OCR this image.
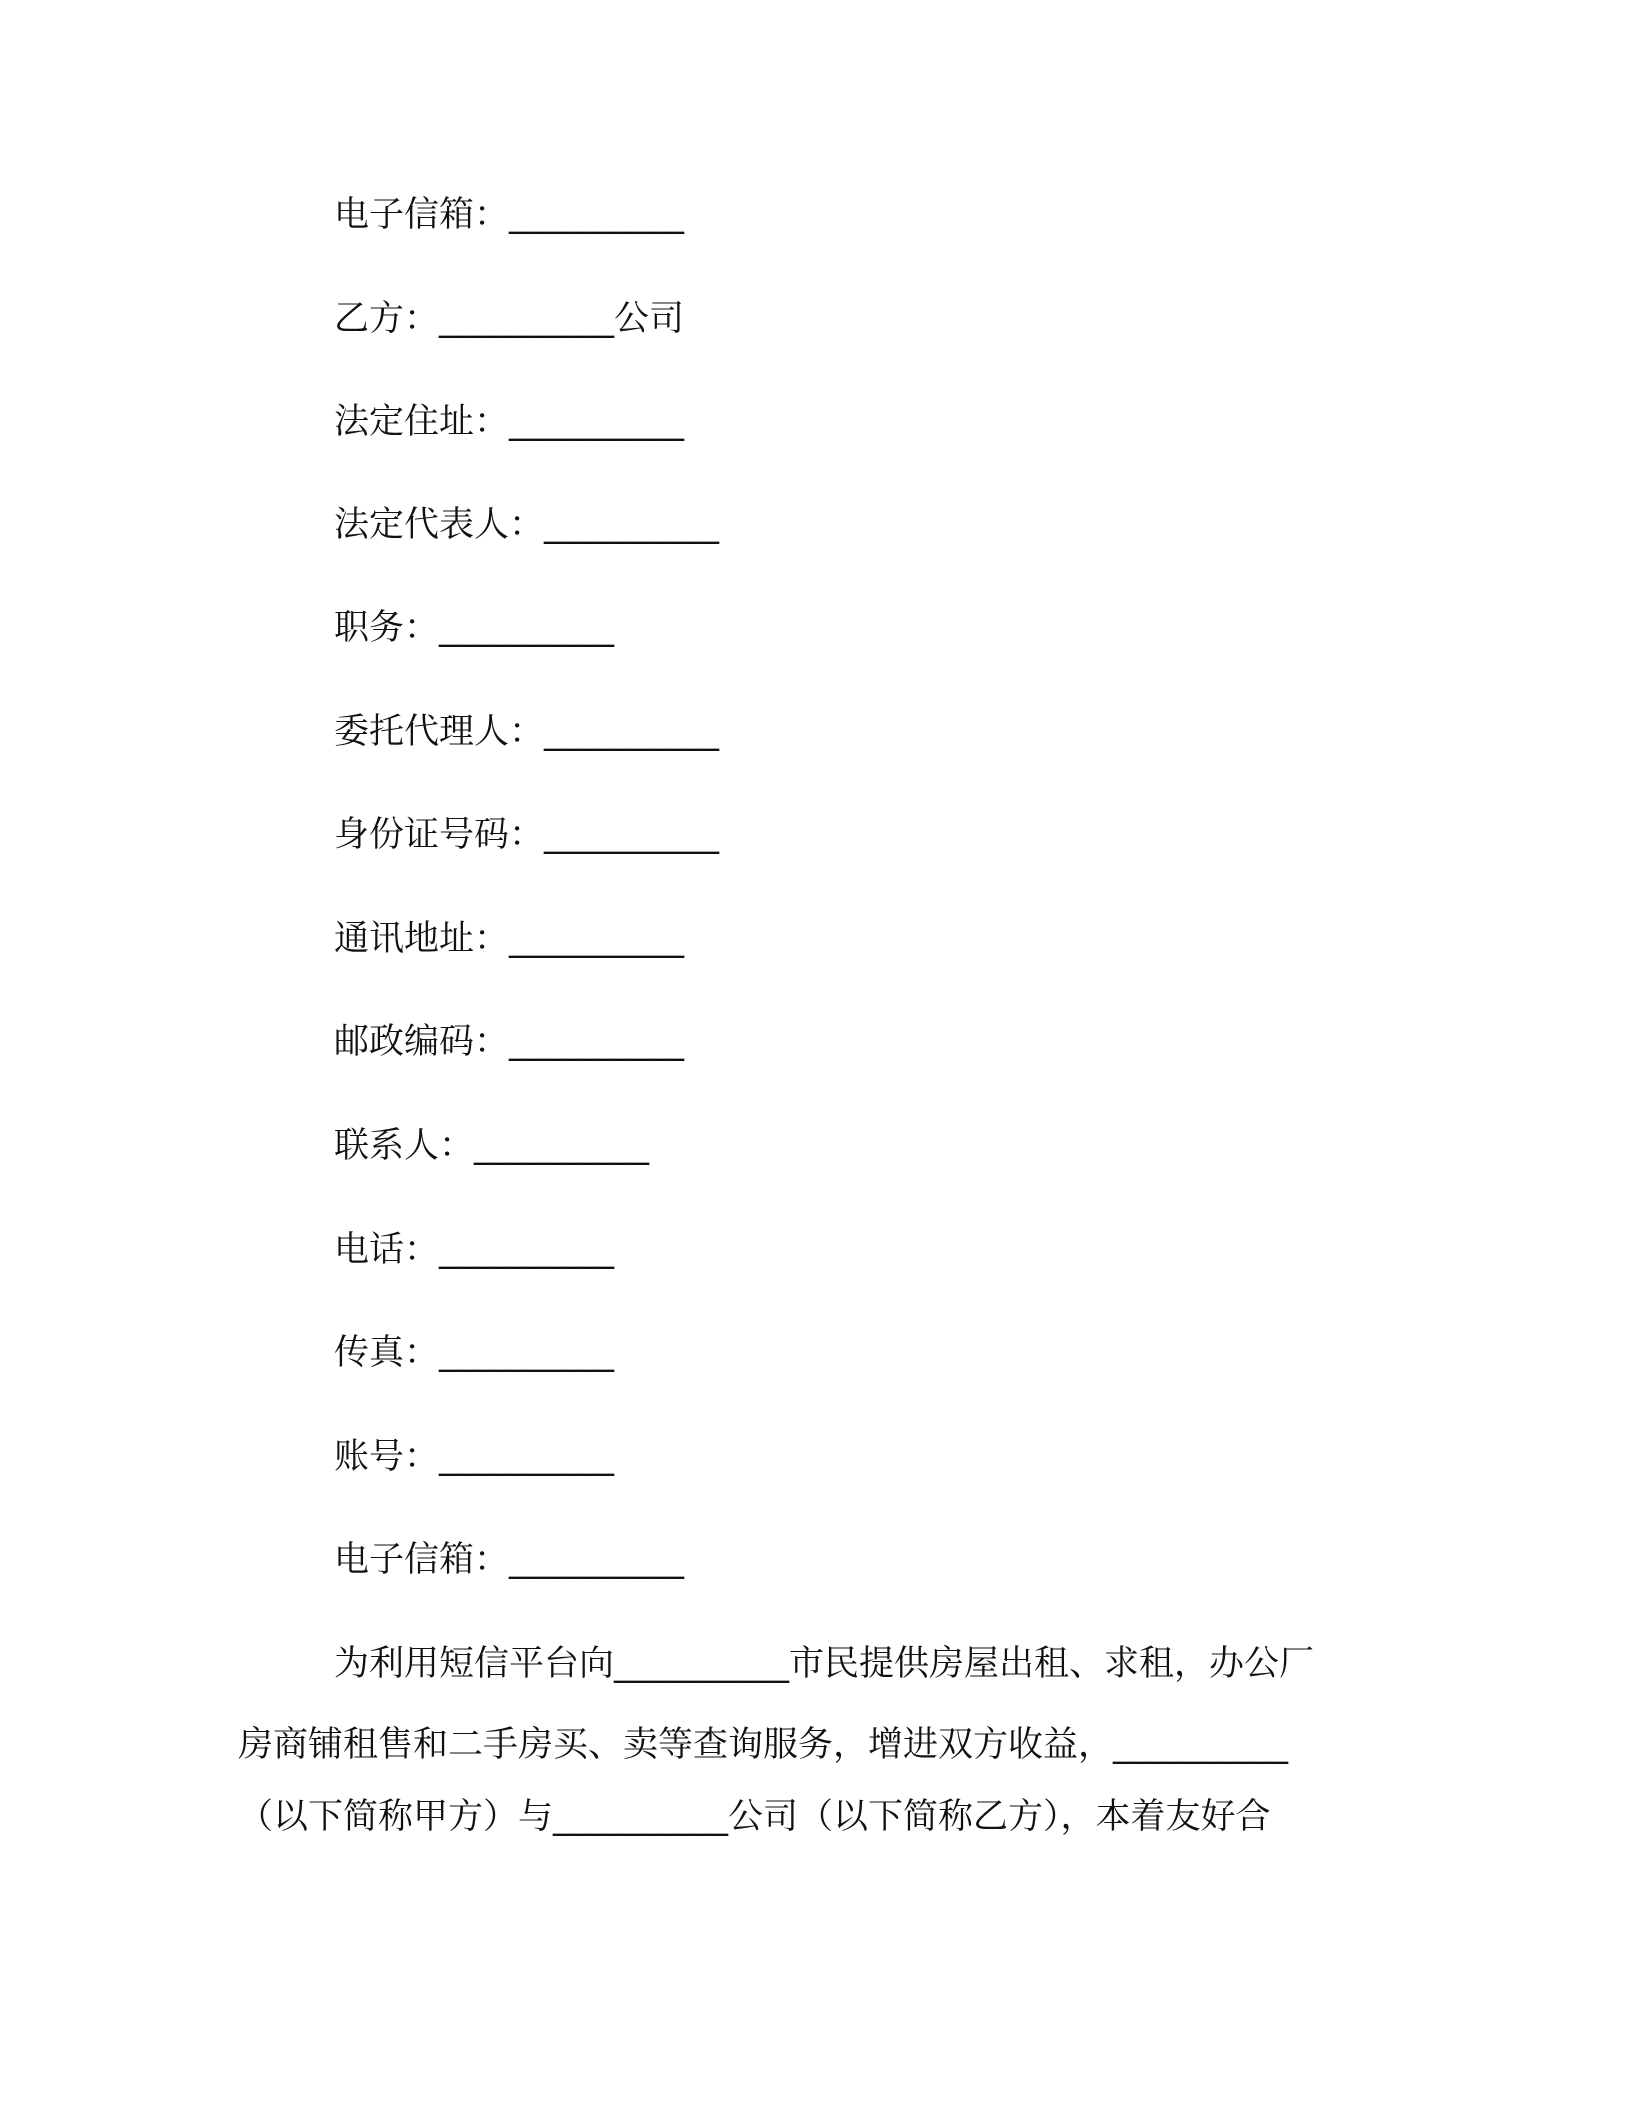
电子信箱：__________
乙方：__________公司
法定住址：__________
法定代表人：__________
职务：__________
委托代理人：__________
身份证号码：__________
通讯地址：__________
邮政编码：__________
联系人：__________
电话：__________
传真：__________
账号：__________
电子信箱：__________
为利用短信平台向__________市民提供房屋出租、求租，办公厂
房商铺租售和二手房买、卖等查询服务，增进双方收益，__________
（以下简称甲方）与__________公司（以下简称乙方），本着友好合
